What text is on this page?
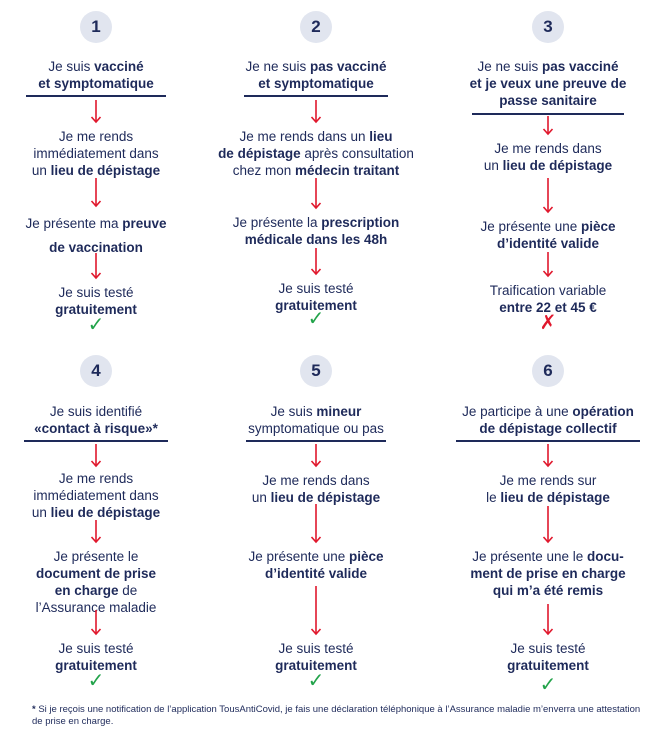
1
Je suis vacciné
et symptomatique
Je me rends
immédiatement dans
un lieu de dépistage
Je présente ma preuve
de vaccination
Je suis testé
gratuitement
✓
2
Je ne suis pas vacciné
et symptomatique
Je me rends dans un lieu
de dépistage après consultation
chez mon médecin traitant
Je présente la prescription
médicale dans les 48h
Je suis testé
gratuitement
✓
3
Je ne suis pas vacciné
et je veux une preuve de
passe sanitaire
Je me rends dans
un lieu de dépistage
Je présente une pièce
d’identité valide
Traification variable
entre 22 et 45 €
✗
4
Je suis identifié
«contact à risque»*
Je me rends
immédiatement dans
un lieu de dépistage
Je présente le
document de prise
en charge de
l’Assurance maladie
Je suis testé
gratuitement
✓
5
Je suis mineur
symptomatique ou pas
Je me rends dans
un lieu de dépistage
Je présente une pièce
d’identité valide
Je suis testé
gratuitement
✓
6
Je participe à une opération
de dépistage collectif
Je me rends sur
le lieu de dépistage
Je présente une le docu-
ment de prise en charge
qui m’a été remis
Je suis testé
gratuitement
✓
* Si je reçois une notification de l’application TousAntiCovid, je fais une déclaration téléphonique à l’Assurance maladie m’enverra une attestation de prise en charge.
